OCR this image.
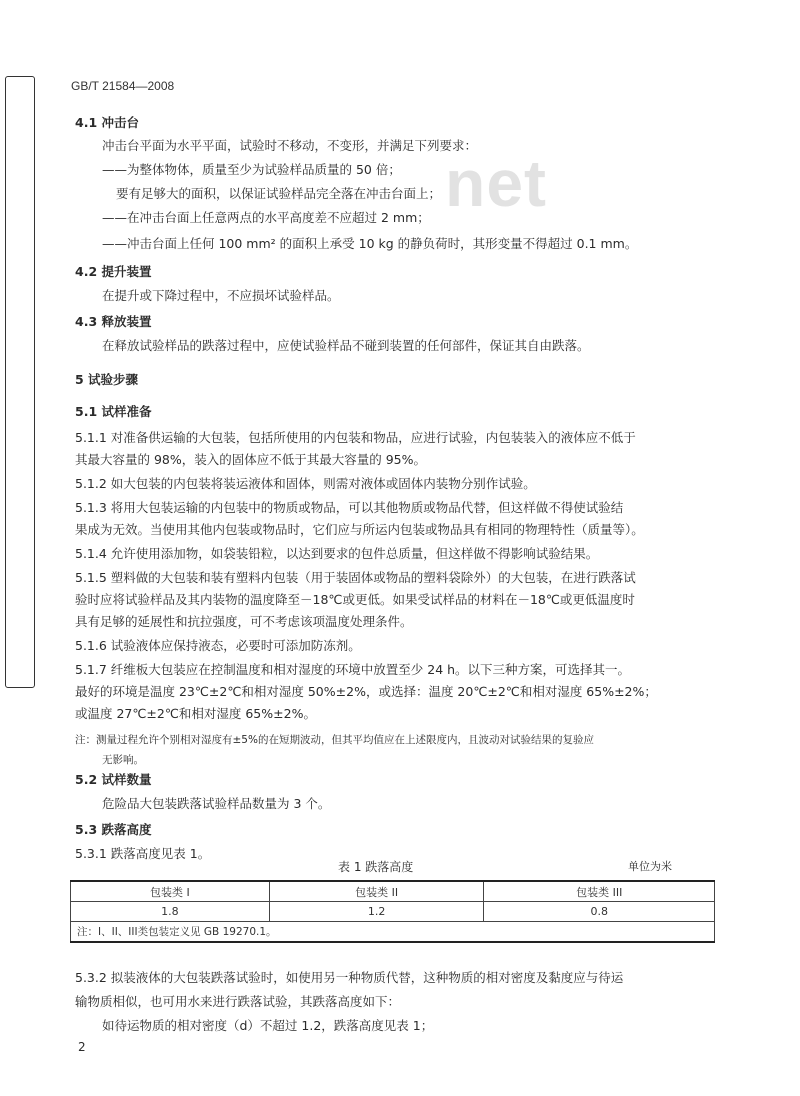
net
GB/T 21584—2008
4.1 冲击台
冲击台平面为水平平面，试验时不移动，不变形，并满足下列要求：
——为整体物体，质量至少为试验样品质量的 50 倍；
要有足够大的面积，以保证试验样品完全落在冲击台面上；
——在冲击台面上任意两点的水平高度差不应超过 2 mm；
——冲击台面上任何 100 mm² 的面积上承受 10 kg 的静负荷时，其形变量不得超过 0.1 mm。
4.2 提升装置
在提升或下降过程中，不应损坏试验样品。
4.3 释放装置
在释放试验样品的跌落过程中，应使试验样品不碰到装置的任何部件，保证其自由跌落。
5 试验步骤
5.1 试样准备
5.1.1 对准备供运输的大包装，包括所使用的内包装和物品，应进行试验，内包装装入的液体应不低于
其最大容量的 98%，装入的固体应不低于其最大容量的 95%。
5.1.2 如大包装的内包装将装运液体和固体，则需对液体或固体内装物分别作试验。
5.1.3 将用大包装运输的内包装中的物质或物品，可以其他物质或物品代替，但这样做不得使试验结
果成为无效。当使用其他内包装或物品时，它们应与所运内包装或物品具有相同的物理特性（质量等）。
5.1.4 允许使用添加物，如袋装铅粒，以达到要求的包件总质量，但这样做不得影响试验结果。
5.1.5 塑料做的大包装和装有塑料内包装（用于装固体或物品的塑料袋除外）的大包装，在进行跌落试
验时应将试验样品及其内装物的温度降至－18℃或更低。如果受试样品的材料在－18℃或更低温度时
具有足够的延展性和抗拉强度，可不考虑该项温度处理条件。
5.1.6 试验液体应保持液态，必要时可添加防冻剂。
5.1.7 纤维板大包装应在控制温度和相对湿度的环境中放置至少 24 h。以下三种方案，可选择其一。
最好的环境是温度 23℃±2℃和相对湿度 50%±2%，或选择：温度 20℃±2℃和相对湿度 65%±2%；
或温度 27℃±2℃和相对湿度 65%±2%。
注：测量过程允许个别相对湿度有±5%的在短期波动，但其平均值应在上述限度内，且波动对试验结果的复验应
无影响。
5.2 试样数量
危险品大包装跌落试验样品数量为 3 个。
5.3 跌落高度
5.3.1 跌落高度见表 1。
5.3.2 拟装液体的大包装跌落试验时，如使用另一种物质代替，这种物质的相对密度及黏度应与待运
输物质相似，也可用水来进行跌落试验，其跌落高度如下：
如待运物质的相对密度（d）不超过 1.2，跌落高度见表 1；
表 1 跌落高度	单位为米
包装类 I	包装类 II	包装类 III
1.8	1.2	0.8
注：I、II、III类包装定义见 GB 19270.1。		
2
